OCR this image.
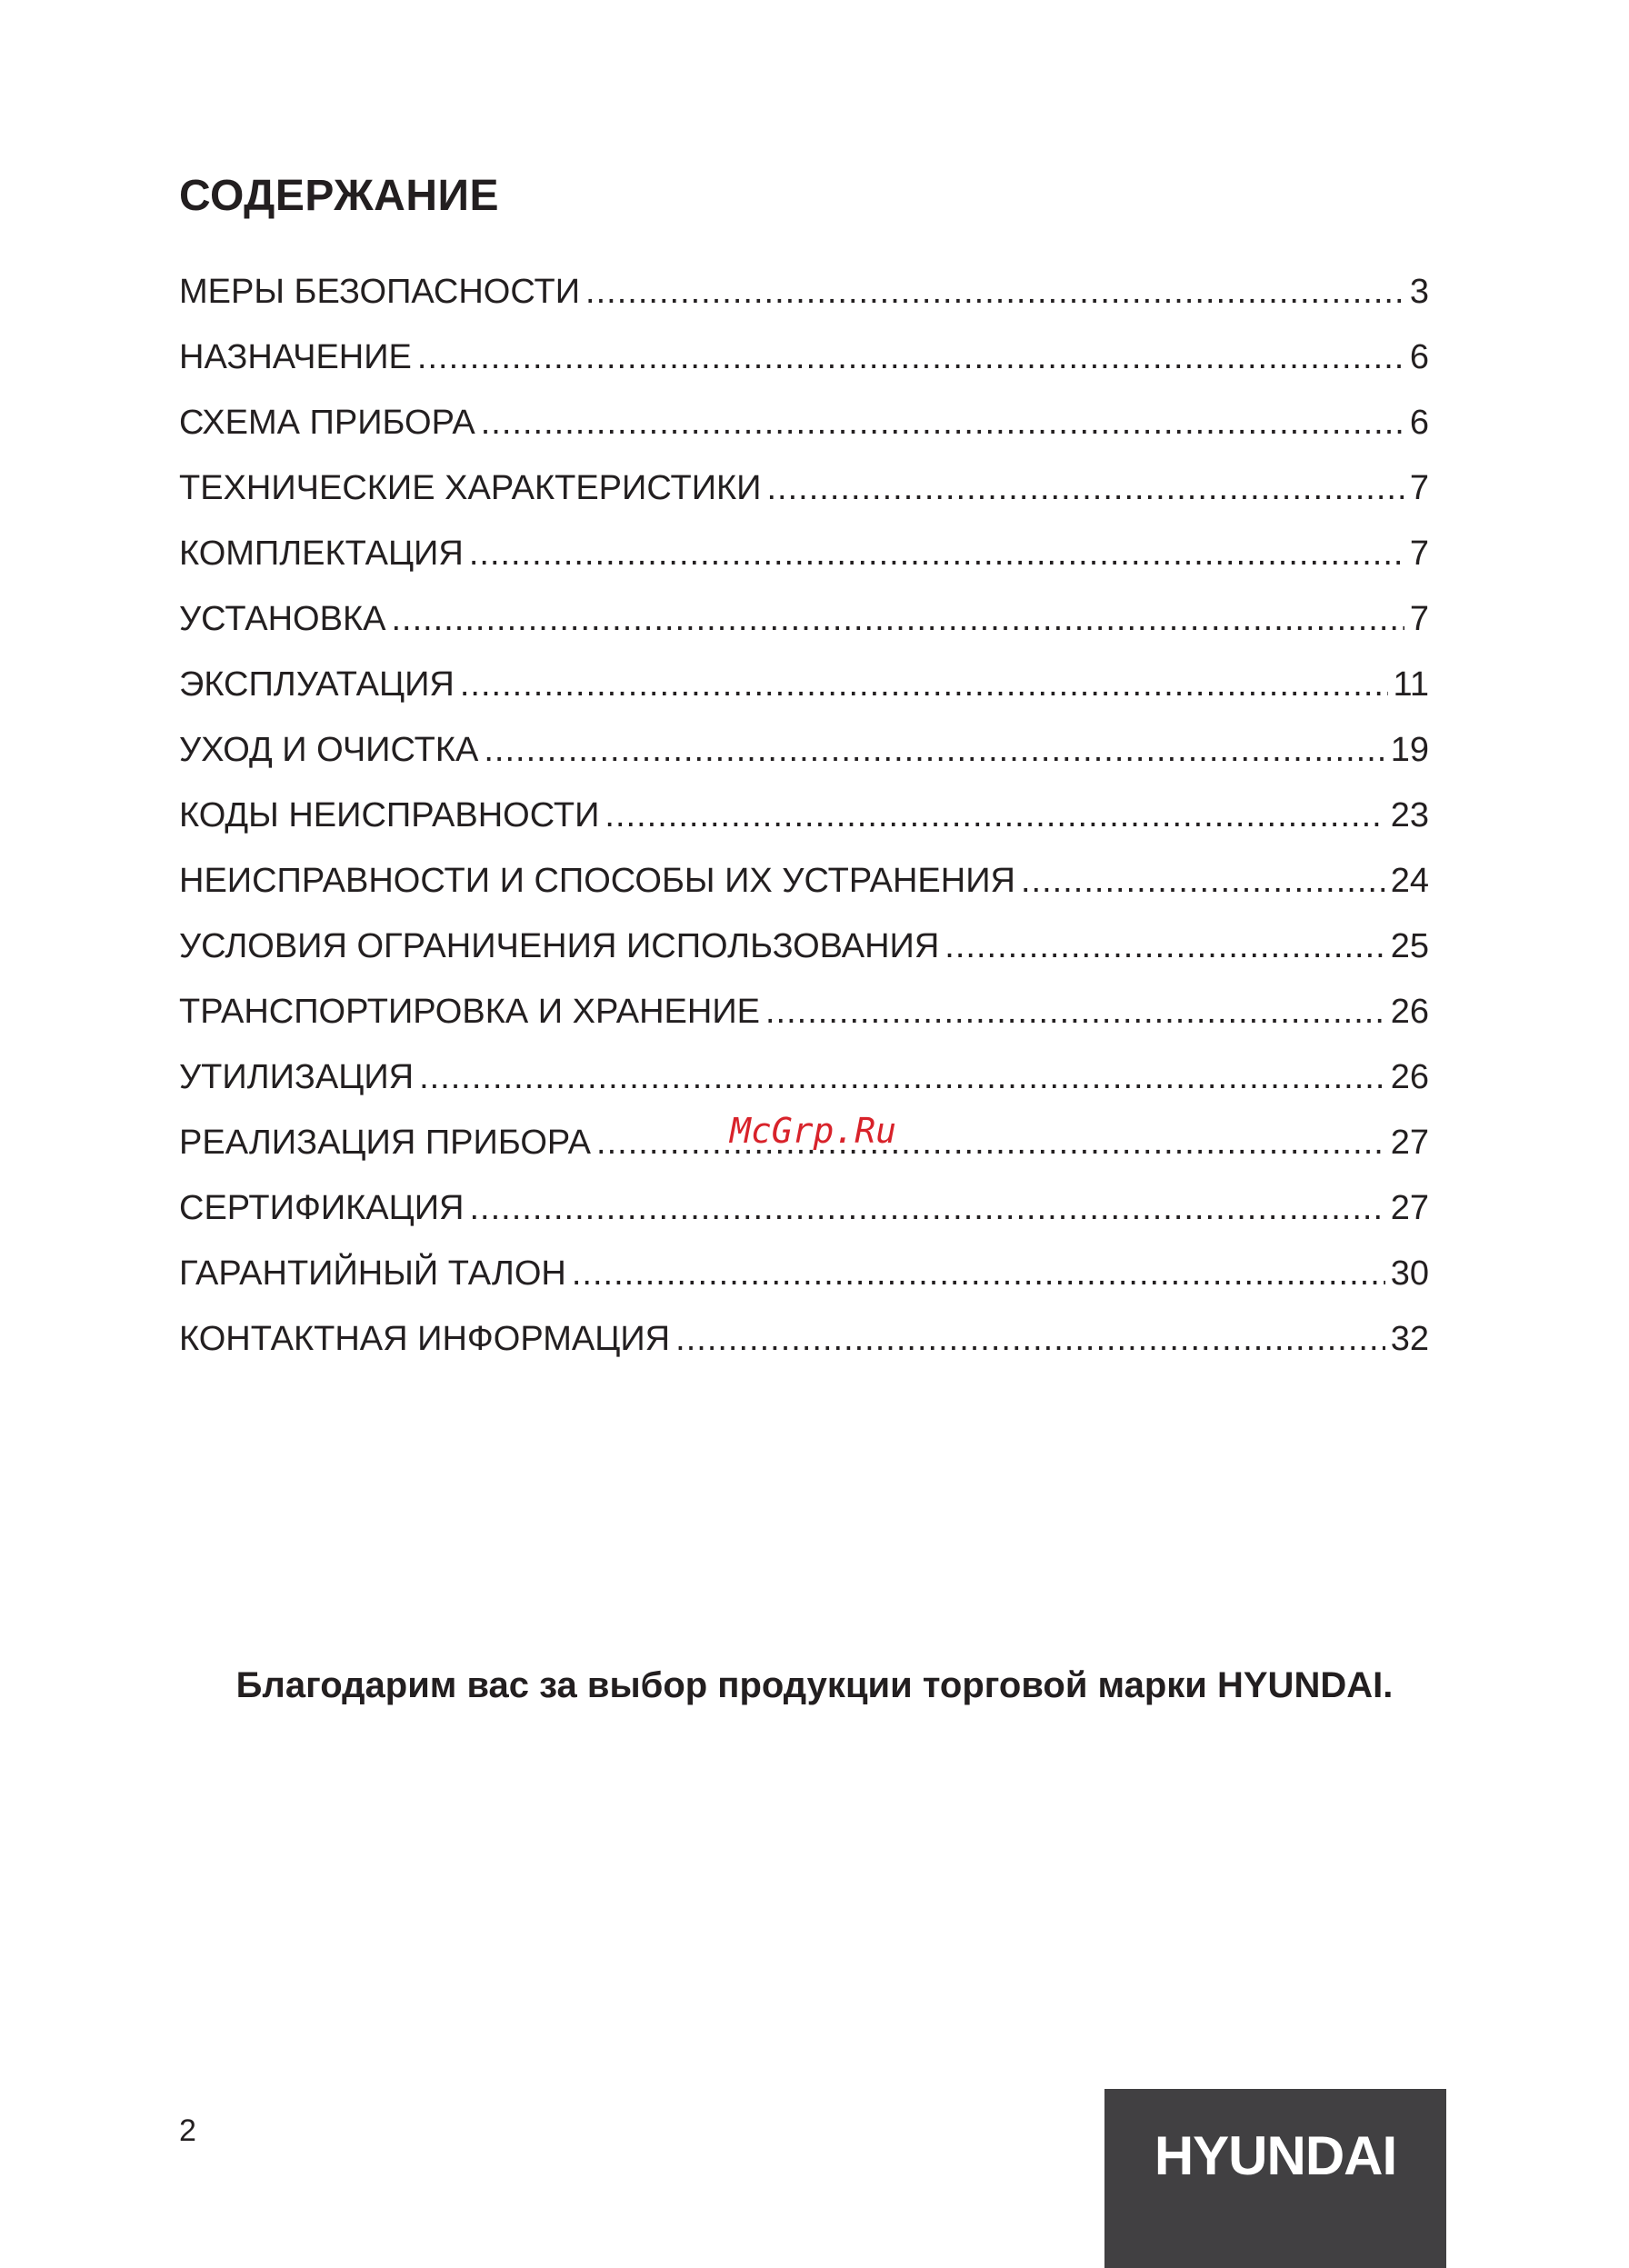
СОДЕРЖАНИЕ
МЕРЫ БЕЗОПАСНОСТИ .....	3
НАЗНАЧЕНИЕ .....	6
СХЕМА ПРИБОРА .....	6
ТЕХНИЧЕСКИЕ ХАРАКТЕРИСТИКИ .....	7
КОМПЛЕКТАЦИЯ .....	7
УСТАНОВКА .....	7
ЭКСПЛУАТАЦИЯ .....	11
УХОД И ОЧИСТКА .....	19
КОДЫ НЕИСПРАВНОСТИ .....	23
НЕИСПРАВНОСТИ И СПОСОБЫ ИХ УСТРАНЕНИЯ .....	24
УСЛОВИЯ ОГРАНИЧЕНИЯ ИСПОЛЬЗОВАНИЯ .....	25
ТРАНСПОРТИРОВКА И ХРАНЕНИЕ .....	26
УТИЛИЗАЦИЯ .....	26
РЕАЛИЗАЦИЯ ПРИБОРА .....	27
СЕРТИФИКАЦИЯ .....	27
ГАРАНТИЙНЫЙ ТАЛОН .....	30
КОНТАКТНАЯ ИНФОРМАЦИЯ .....	32
McGrp.Ru
Благодарим вас за выбор продукции торговой марки HYUNDAI.
2	HYUNDAI
